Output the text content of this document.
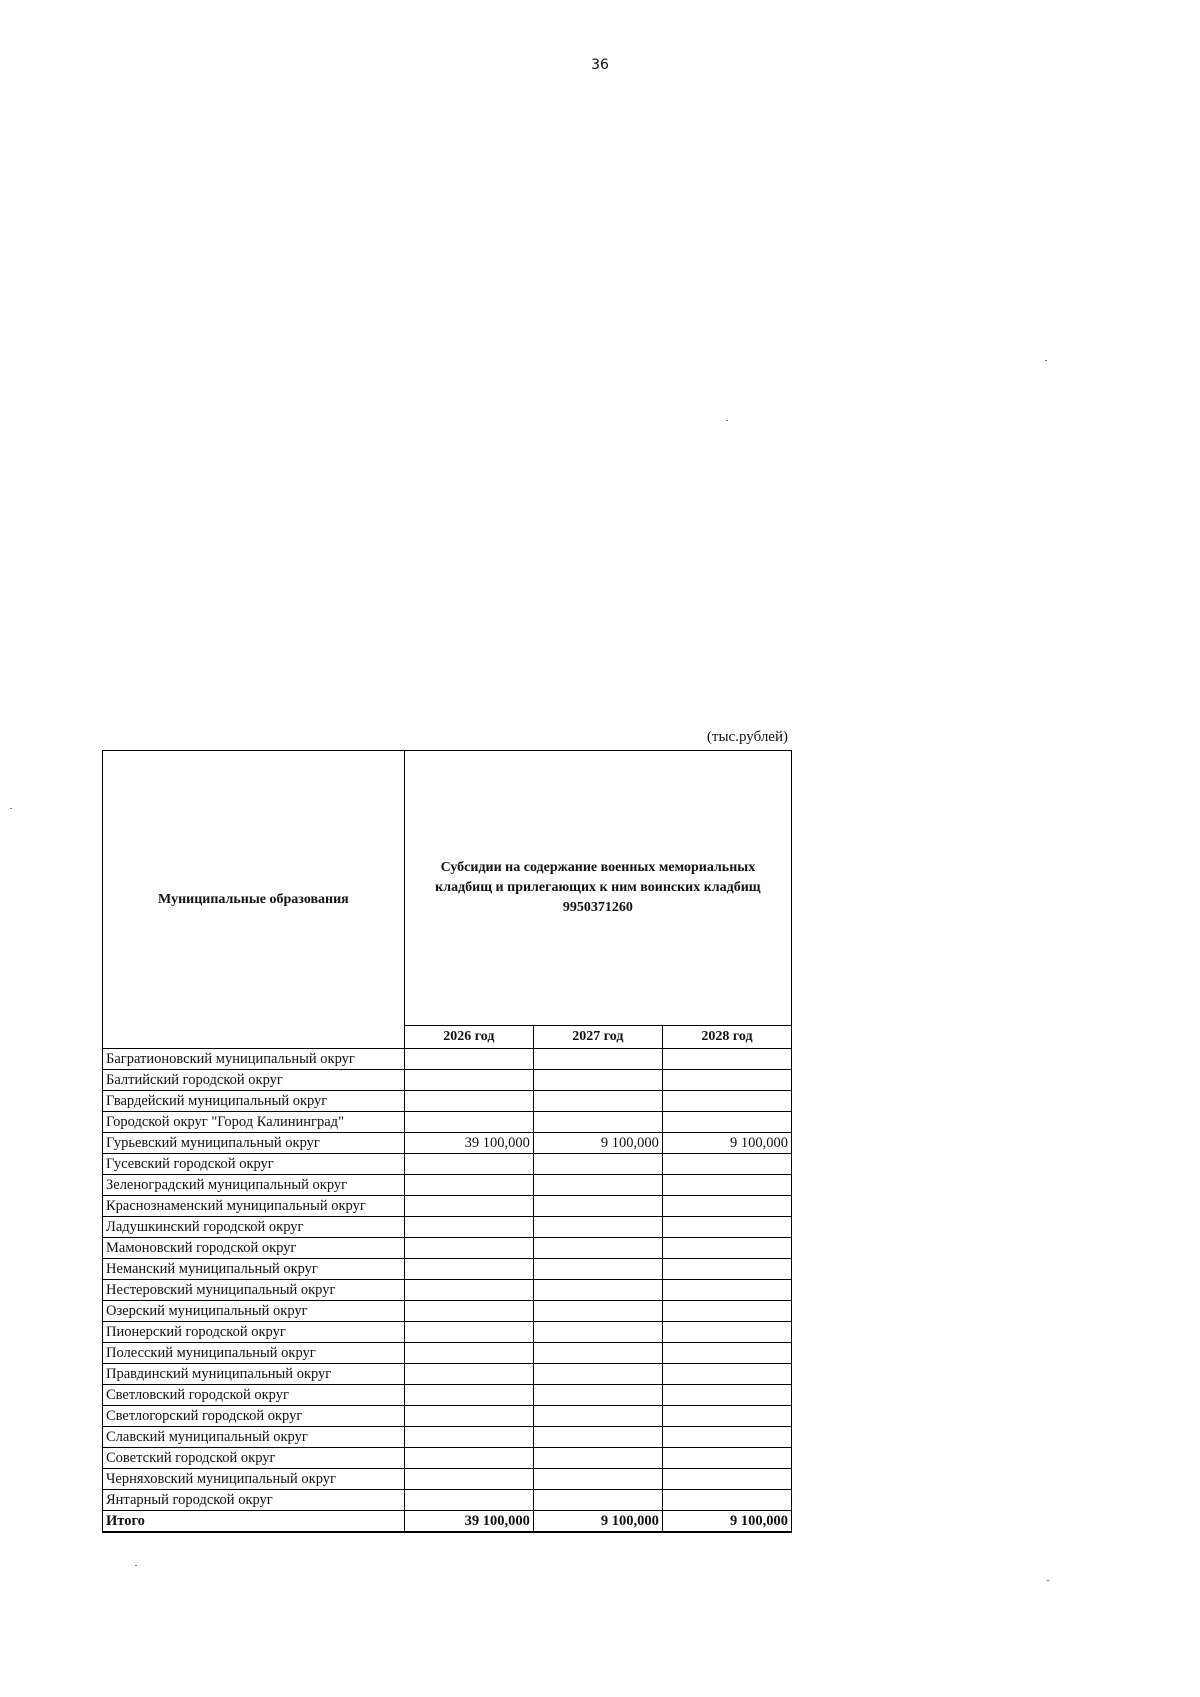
36
(тыс.рублей)
Муниципальные образования	Субсидии на содержание военных мемориальных
кладбищ и прилегающих к ним воинских кладбищ
9950371260		
	2026 год	2027 год	2028 год
Багратионовский муниципальный округ			
Балтийский городской округ			
Гвардейский муниципальный округ			
Городской округ "Город Калининград"			
Гурьевский муниципальный округ	39 100,000	9 100,000	9 100,000
Гусевский городской округ			
Зеленоградский муниципальный округ			
Краснознаменский муниципальный округ			
Ладушкинский городской округ			
Мамоновский городской округ			
Неманский муниципальный округ			
Нестеровский муниципальный округ			
Озерский муниципальный округ			
Пионерский городской округ			
Полесский муниципальный округ			
Правдинский муниципальный округ			
Светловский городской округ			
Светлогорский городской округ			
Славский муниципальный округ			
Советский городской округ			
Черняховский муниципальный округ			
Янтарный городской округ			
Итого	39 100,000	9 100,000	9 100,000
